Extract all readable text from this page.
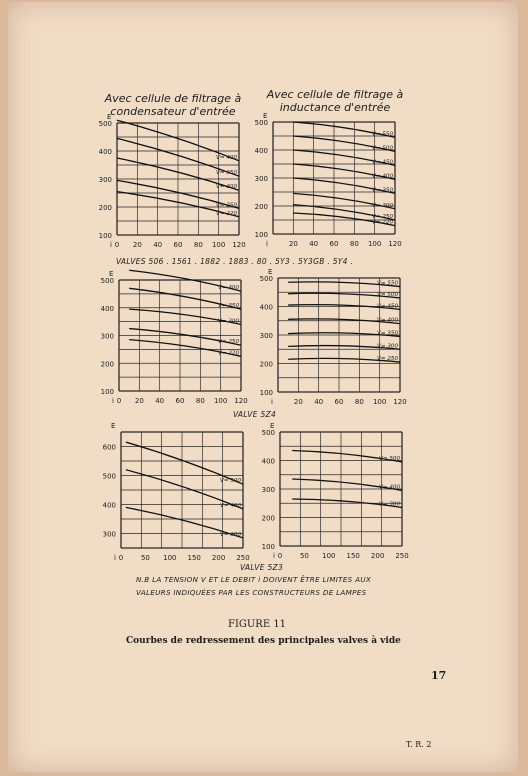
Avec cellule de filtrage à
condensateur d'entrée
Avec cellule de filtrage à
inductance d'entrée
E
i
100
200
300
400
500
0 20 40 60 80 100 120
V= 400
V= 350
V= 300
V= 250
V= 220
E
i
100
200
300
400
500
20 40 60 80 100 120
V= 550
V= 500
V= 450
V= 400
V= 350
V= 300
V= 250
V= 220
E
i
100
200
300
400
500
0 20 40 60 80 100 120
V= 400
V= 350
V= 300
V= 250
V= 220
E
i
100
200
300
400
500
20 40 60 80 100 120
V= 550
V= 500
V= 450
V= 400
V= 350
V= 300
V= 250
E
i
300
400
500
600
0	50 100 150 200 250
V= 500
V= 400
V= 300
E
i
100
200
300
400
500
0	50 100 150 200 250
V= 500
V= 400
V= 300
VALVES 506 . 1561 . 1882 . 1883 . 80 . 5Y3 . 5Y3GB . 5Y4 .
VALVE 5Z4
VALVE 5Z3
N.B LA TENSION V ET LE DEBIT i DOIVENT ÊTRE LIMITES AUX
VALEURS INDIQUÉES PAR LES CONSTRUCTEURS DE LAMPES
FIGURE 11
Courbes de redressement des principales valves à vide
17
T. R. 2
